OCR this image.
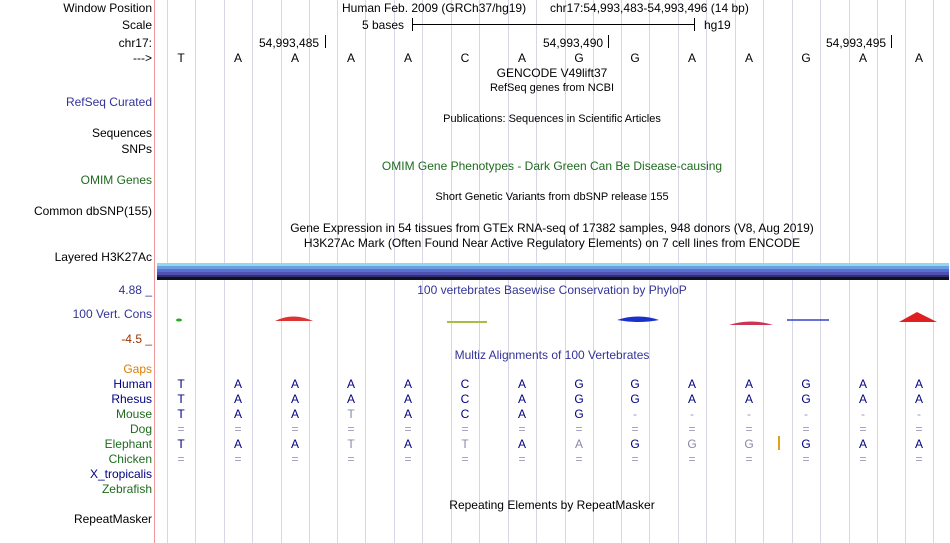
Window Position	Human Feb. 2009 (GRCh37/hg19) chr17:54,993,483-54,993,496 (14 bp)
Scale	5 bases	hg19
chr17:	54,993,485	54,993,490	54,993,495
---> T	A	A	A	A	C	A	G	G	A	A	G	A	A
GENCODE V49lift37
RefSeq genes from NCBI
RefSeq Curated
Publications: Sequences in Scientific Articles
Sequences
SNPs
OMIM Gene Phenotypes - Dark Green Can Be Disease-causing
OMIM Genes
Short Genetic Variants from dbSNP release 155
Common dbSNP(155)
Gene Expression in 54 tissues from GTEx RNA-seq of 17382 samples, 948 donors (V8, Aug 2019)
H3K27Ac Mark (Often Found Near Active Regulatory Elements) on 7 cell lines from ENCODE
Layered H3K27Ac
4.88 _	100 vertebrates Basewise Conservation by PhyloP
100 Vert. Cons
-4.5 _
Multiz Alignments of 100 Vertebrates
Gaps
Human T	A	A	A	A	C	A	G	G	A	A	G	A	A
Rhesus T	A	A	A	A	C	A	G	G	A	A	G	A	A
Mouse T	A	A	T	A	C	A	G	-	-	-	-	-	-
Dog =	=	=	=	=	=	=	=	=	=	=	=	=	=
Elephant T	A	A	T	A	T	A	A	G	G	G	G	A	A
Chicken =	=	=	=	=	=	=	=	=	=	=	=	=	=
X_tropicalis
Zebrafish
Repeating Elements by RepeatMasker
RepeatMasker
